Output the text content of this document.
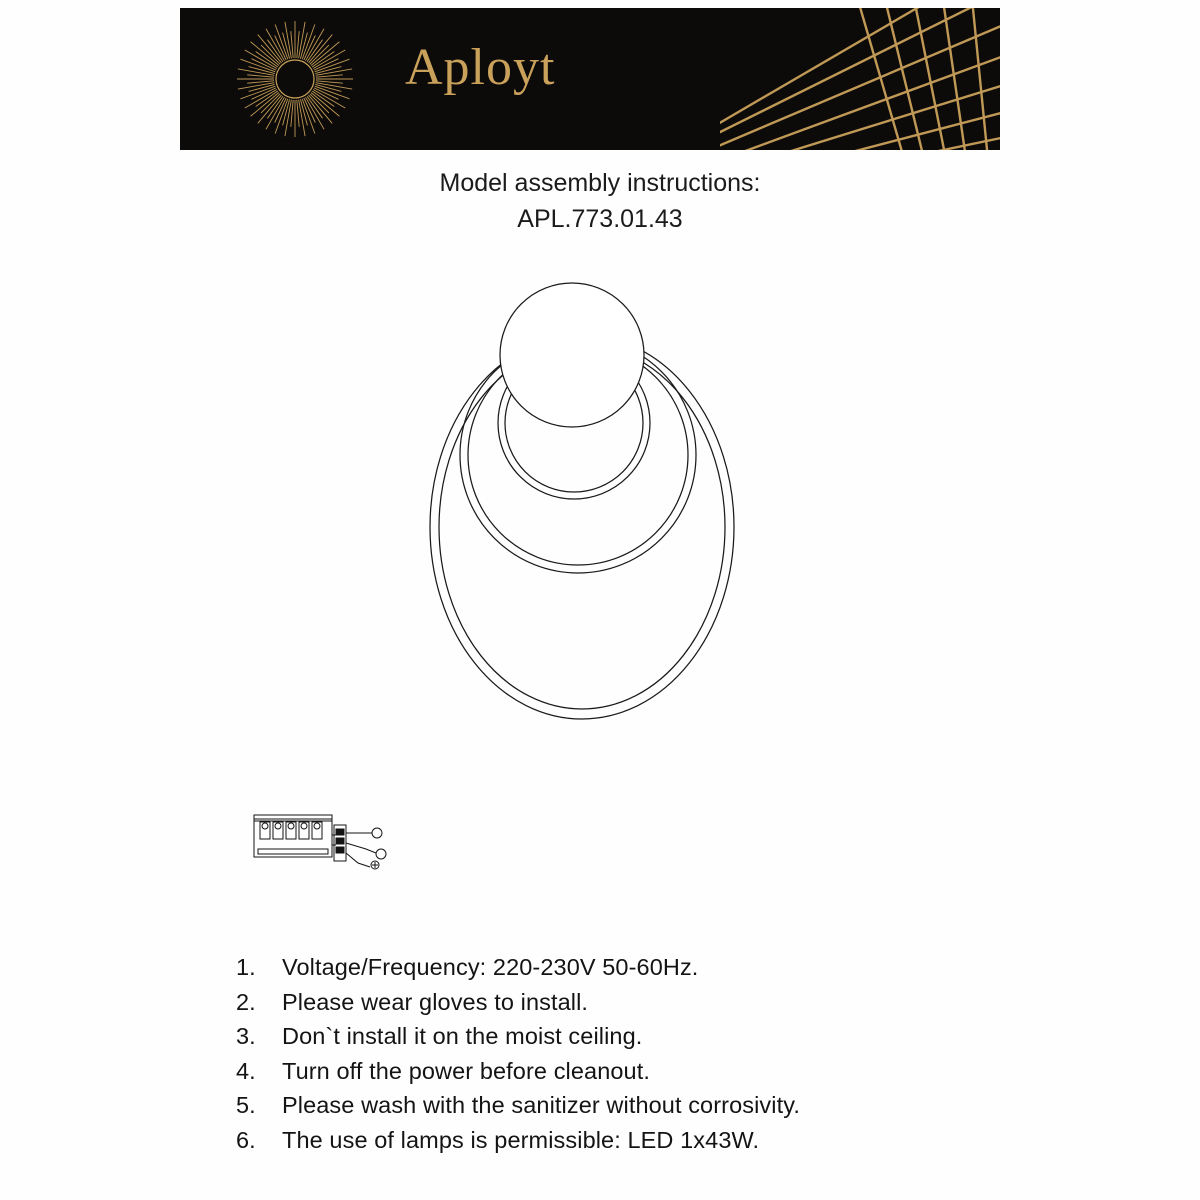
Aployt
Model assembly instructions:
APL.773.01.43
1.	Voltage/Frequency: 220-230V 50-60Hz.
2.	Please wear gloves to install.
3.	Don`t install it on the moist ceiling.
4.	Turn off the power before cleanout.
5.	Please wash with the sanitizer without corrosivity.
6.	The use of lamps is permissible: LED 1x43W.
